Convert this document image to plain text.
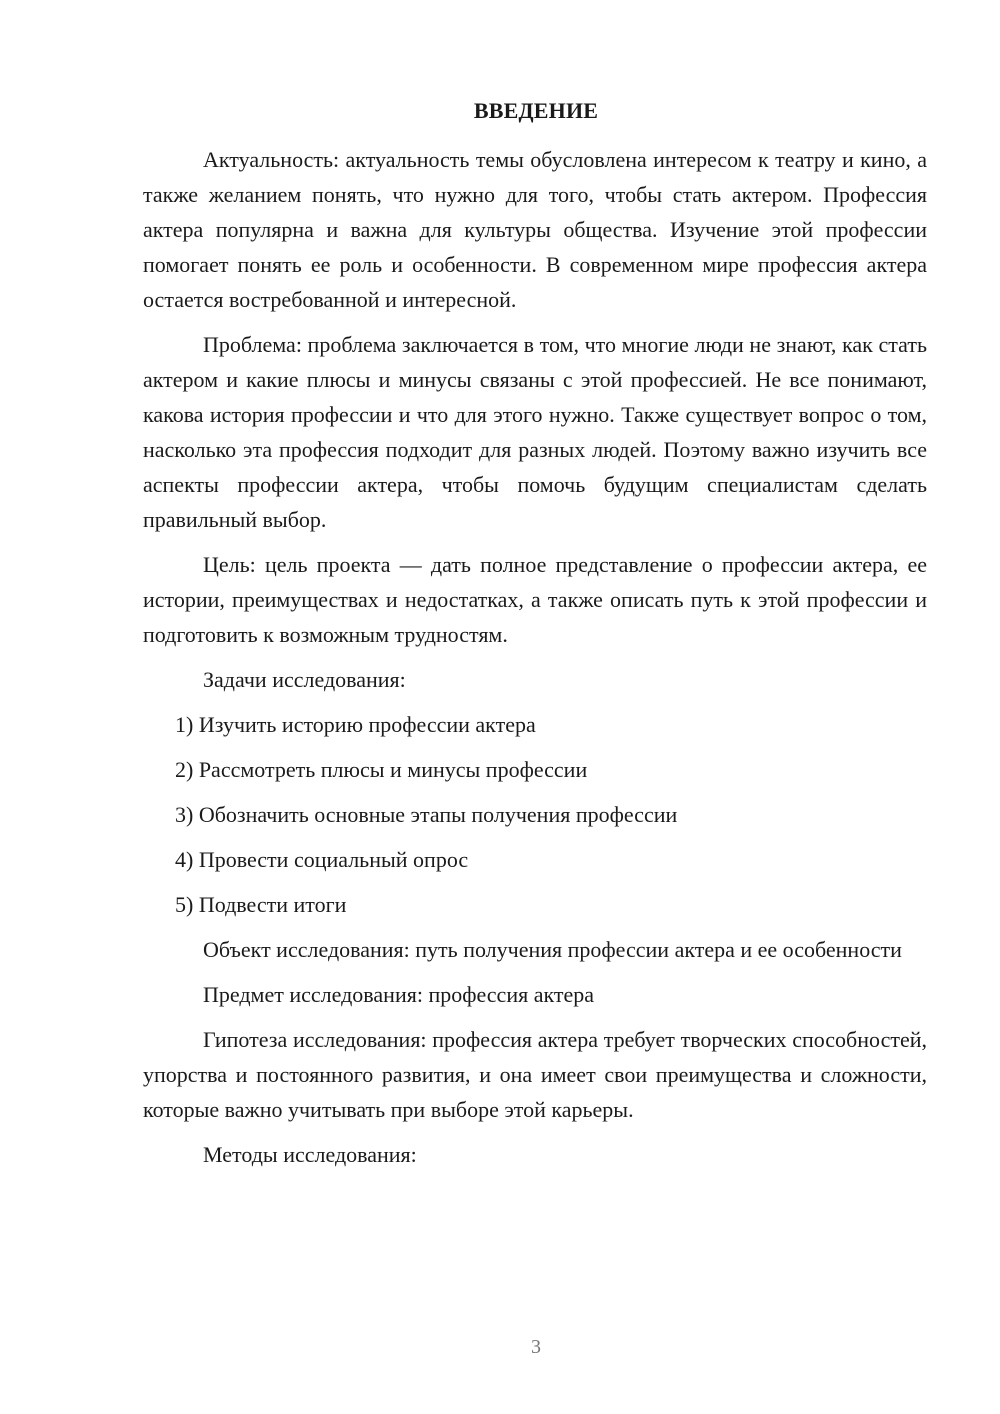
ВВЕДЕНИЕ

Актуальность: актуальность темы обусловлена интересом к театру и кино, а также желанием понять, что нужно для того, чтобы стать актером. Профессия актера популярна и важна для культуры общества. Изучение этой профессии помогает понять ее роль и особенности. В современном мире профессия актера остается востребованной и интересной.

Проблема: проблема заключается в том, что многие люди не знают, как стать актером и какие плюсы и минусы связаны с этой профессией. Не все понимают, какова история профессии и что для этого нужно. Также существует вопрос о том, насколько эта профессия подходит для разных людей. Поэтому важно изучить все аспекты профессии актера, чтобы помочь будущим специалистам сделать правильный выбор.

Цель: цель проекта — дать полное представление о профессии актера, ее истории, преимуществах и недостатках, а также описать путь к этой профессии и подготовить к возможным трудностям.

Задачи исследования:

1) Изучить историю профессии актера

2) Рассмотреть плюсы и минусы профессии

3) Обозначить основные этапы получения профессии

4) Провести социальный опрос

5) Подвести итоги

Объект исследования: путь получения профессии актера и ее особенности

Предмет исследования: профессия актера

Гипотеза исследования: профессия актера требует творческих способностей, упорства и постоянного развития, и она имеет свои преимущества и сложности, которые важно учитывать при выборе этой карьеры.

Методы исследования:

3
